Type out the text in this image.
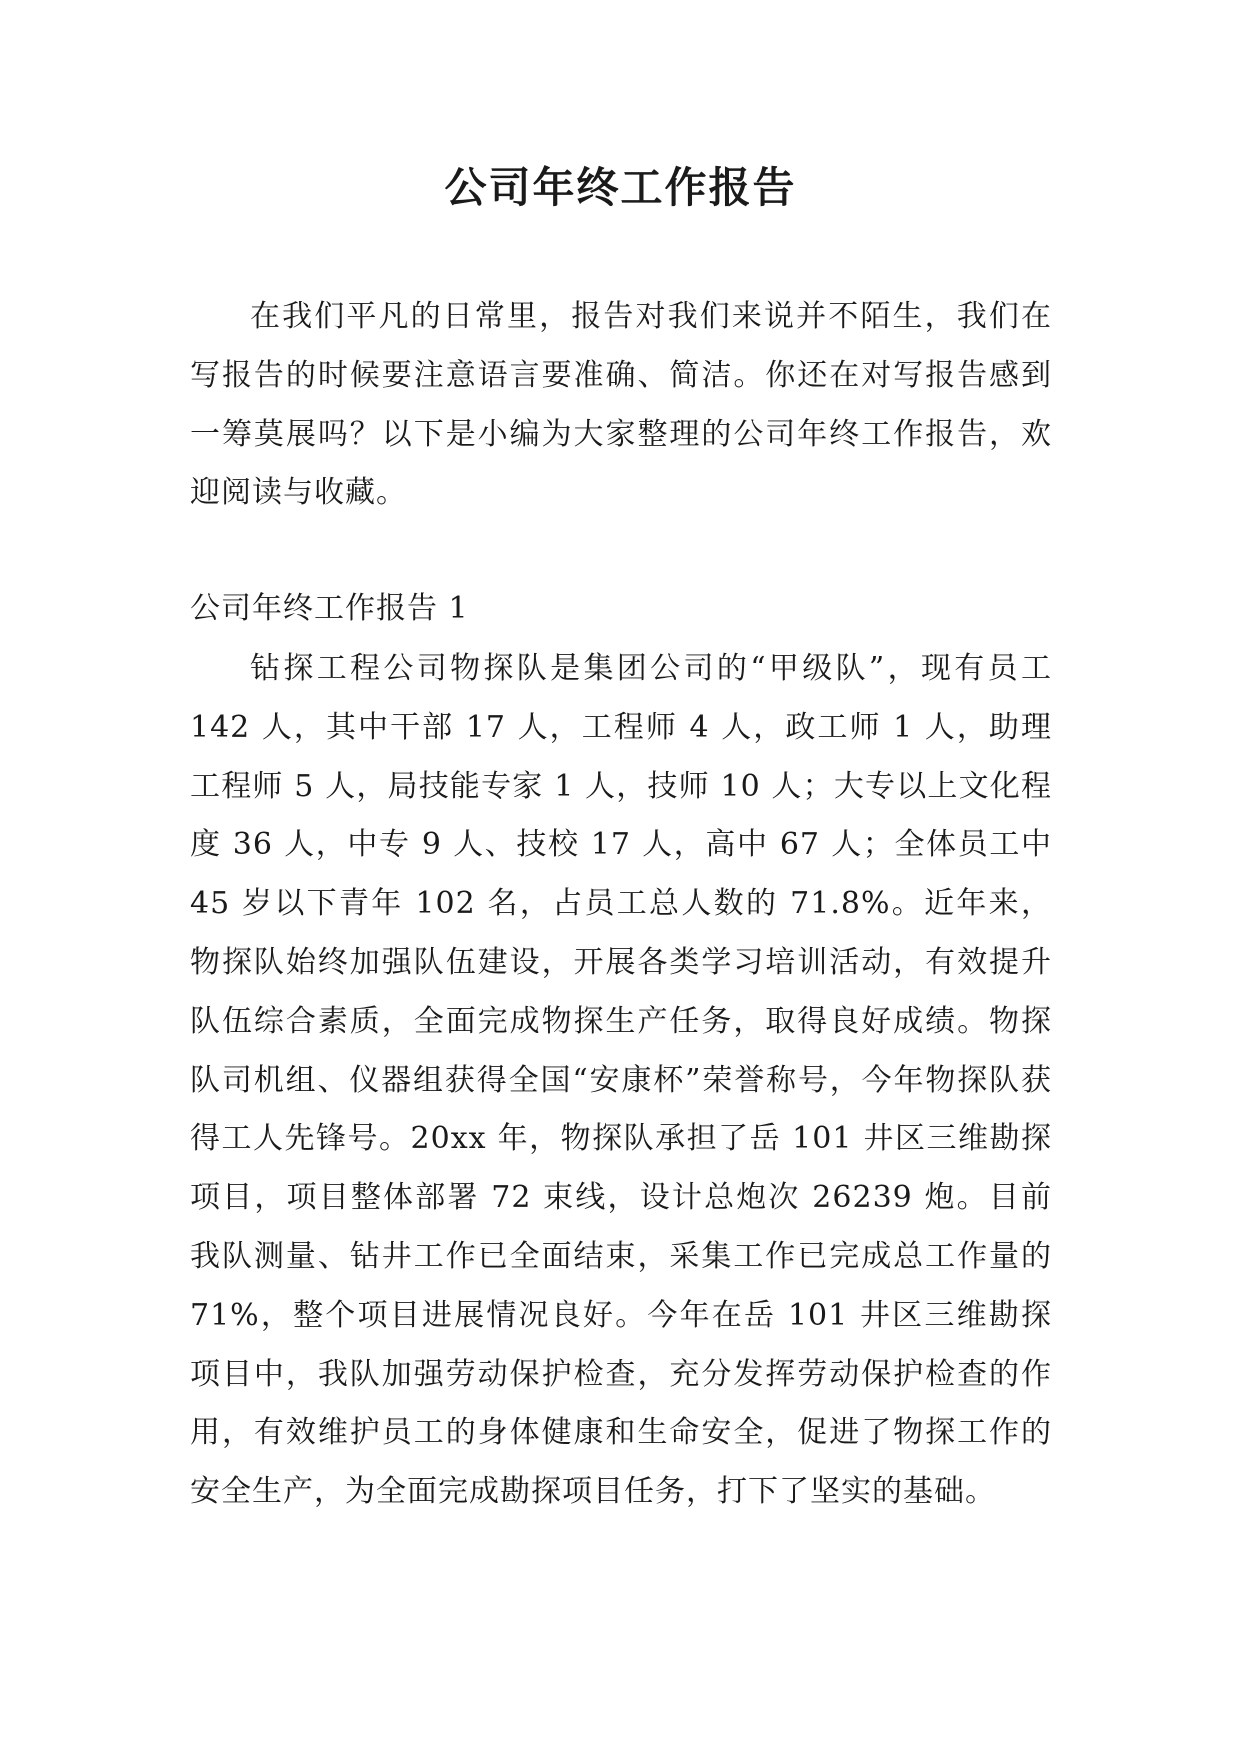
公司年终工作报告

在我们平凡的日常里，报告对我们来说并不陌生，我们在写报告的时候要注意语言要准确、简洁。你还在对写报告感到一筹莫展吗？以下是小编为大家整理的公司年终工作报告，欢迎阅读与收藏。

公司年终工作报告 1

钻探工程公司物探队是集团公司的“甲级队”，现有员工 142 人，其中干部 17 人，工程师 4 人，政工师 1 人，助理工程师 5 人，局技能专家 1 人，技师 10 人；大专以上文化程度 36 人，中专 9 人、技校 17 人，高中 67 人；全体员工中 45 岁以下青年 102 名，占员工总人数的 71.8%。近年来，物探队始终加强队伍建设，开展各类学习培训活动，有效提升队伍综合素质，全面完成物探生产任务，取得良好成绩。物探队司机组、仪器组获得全国“安康杯”荣誉称号，今年物探队获得工人先锋号。20xx 年，物探队承担了岳 101 井区三维勘探项目，项目整体部署 72 束线，设计总炮次 26239 炮。目前我队测量、钻井工作已全面结束，采集工作已完成总工作量的 71%，整个项目进展情况良好。今年在岳 101 井区三维勘探项目中，我队加强劳动保护检查，充分发挥劳动保护检查的作用，有效维护员工的身体健康和生命安全，促进了物探工作的安全生产，为全面完成勘探项目任务，打下了坚实的基础。
